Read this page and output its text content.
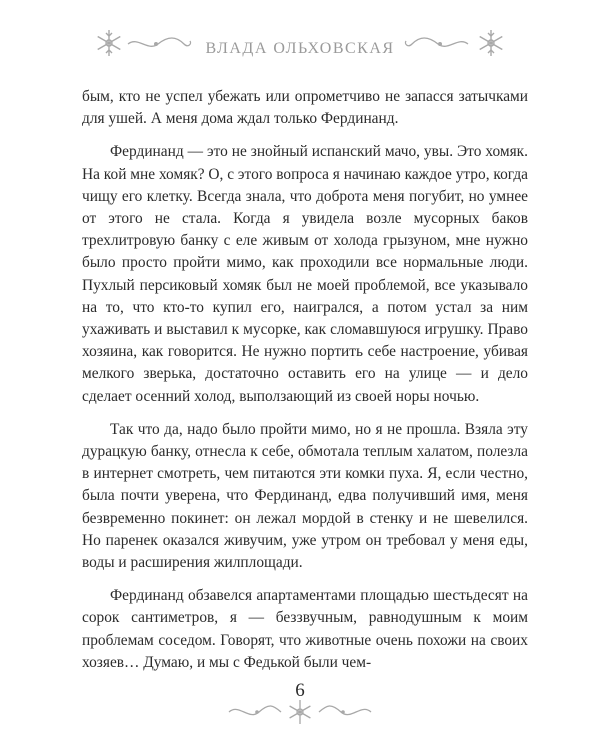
ВЛАДА ОЛЬХОВСКАЯ

бым, кто не успел убежать или опрометчиво не запасся затычками для ушей. А меня дома ждал только Фердинанд.

Фердинанд — это не знойный испанский мачо, увы. Это хомяк. На кой мне хомяк? О, с этого вопроса я начинаю каждое утро, когда чищу его клетку. Всегда знала, что доброта меня погубит, но умнее от этого не стала. Когда я увидела возле мусорных баков трехлитровую банку с еле живым от холода грызуном, мне нужно было просто пройти мимо, как проходили все нормальные люди. Пухлый персиковый хомяк был не моей проблемой, все указывало на то, что кто-то купил его, наигрался, а потом устал за ним ухаживать и выставил к мусорке, как сломавшуюся игрушку. Право хозяина, как говорится. Не нужно портить себе настроение, убивая мелкого зверька, достаточно оставить его на улице — и дело сделает осенний холод, выползающий из своей норы ночью.

Так что да, надо было пройти мимо, но я не прошла. Взяла эту дурацкую банку, отнесла к себе, обмотала теплым халатом, полезла в интернет смотреть, чем питаются эти комки пуха. Я, если честно, была почти уверена, что Фердинанд, едва получивший имя, меня безвременно покинет: он лежал мордой в стенку и не шевелился. Но паренек оказался живучим, уже утром он требовал у меня еды, воды и расширения жилплощади.

Фердинанд обзавелся апартаментами площадью шестьдесят на сорок сантиметров, я — беззвучным, равнодушным к моим проблемам соседом. Говорят, что животные очень похожи на своих хозяев… Думаю, и мы с Федькой были чем-

6
